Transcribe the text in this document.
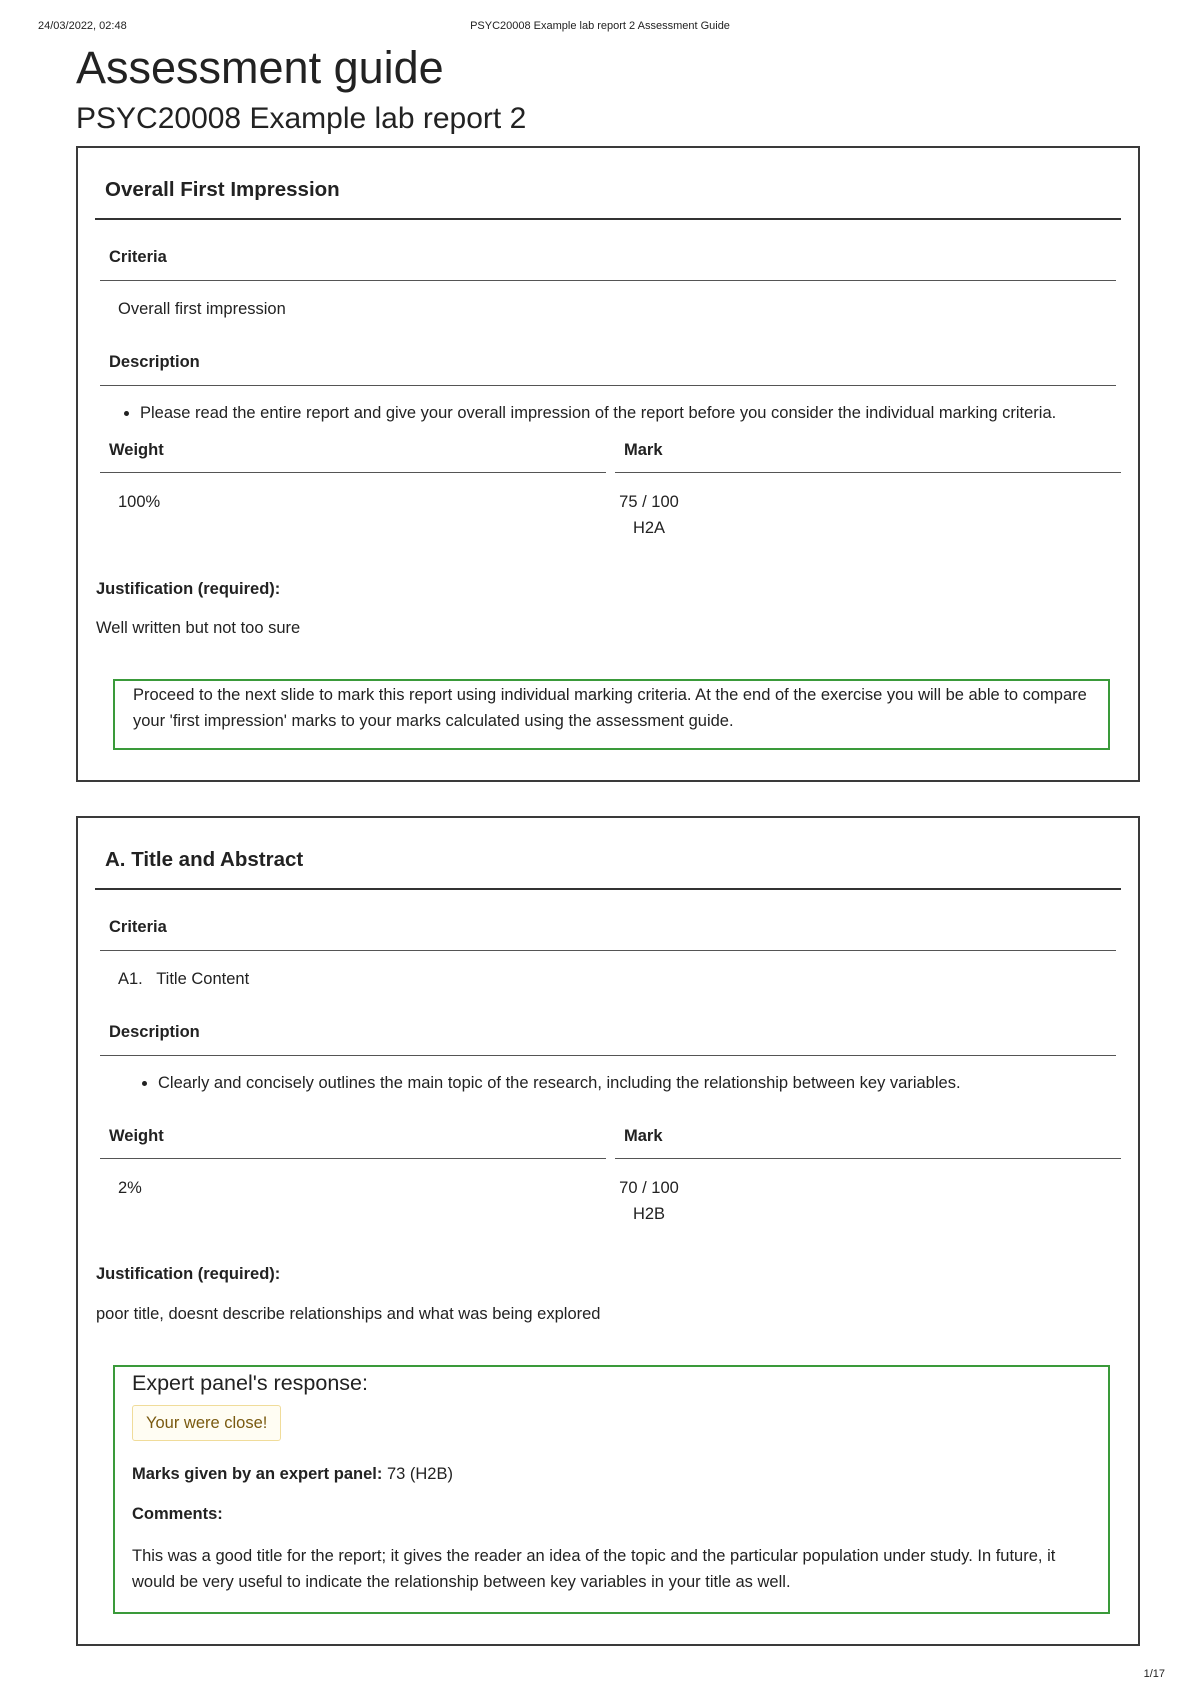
24/03/2022, 02:48	PSYC20008 Example lab report 2 Assessment Guide
Assessment guide
PSYC20008 Example lab report 2
Overall First Impression
Criteria
Overall first impression
Description
• Please read the entire report and give your overall impression of the report before you consider the individual marking criteria.
Weight	Mark
100%	75 / 100
H2A
Justification (required):
Well written but not too sure

Proceed to the next slide to mark this report using individual marking criteria. At the end of the exercise you will be able to compare your 'first impression' marks to your marks calculated using the assessment guide.

A. Title and Abstract
Criteria
A1.   Title Content
Description
• Clearly and concisely outlines the main topic of the research, including the relationship between key variables.
Weight	Mark
2%	70 / 100
H2B
Justification (required):
poor title, doesnt describe relationships and what was being explored
Expert panel's response:
Your were close!
Marks given by an expert panel: 73 (H2B)
Comments:

This was a good title for the report; it gives the reader an idea of the topic and the particular population under study. In future, it would be very useful to indicate the relationship between key variables in your title as well.

1/17
